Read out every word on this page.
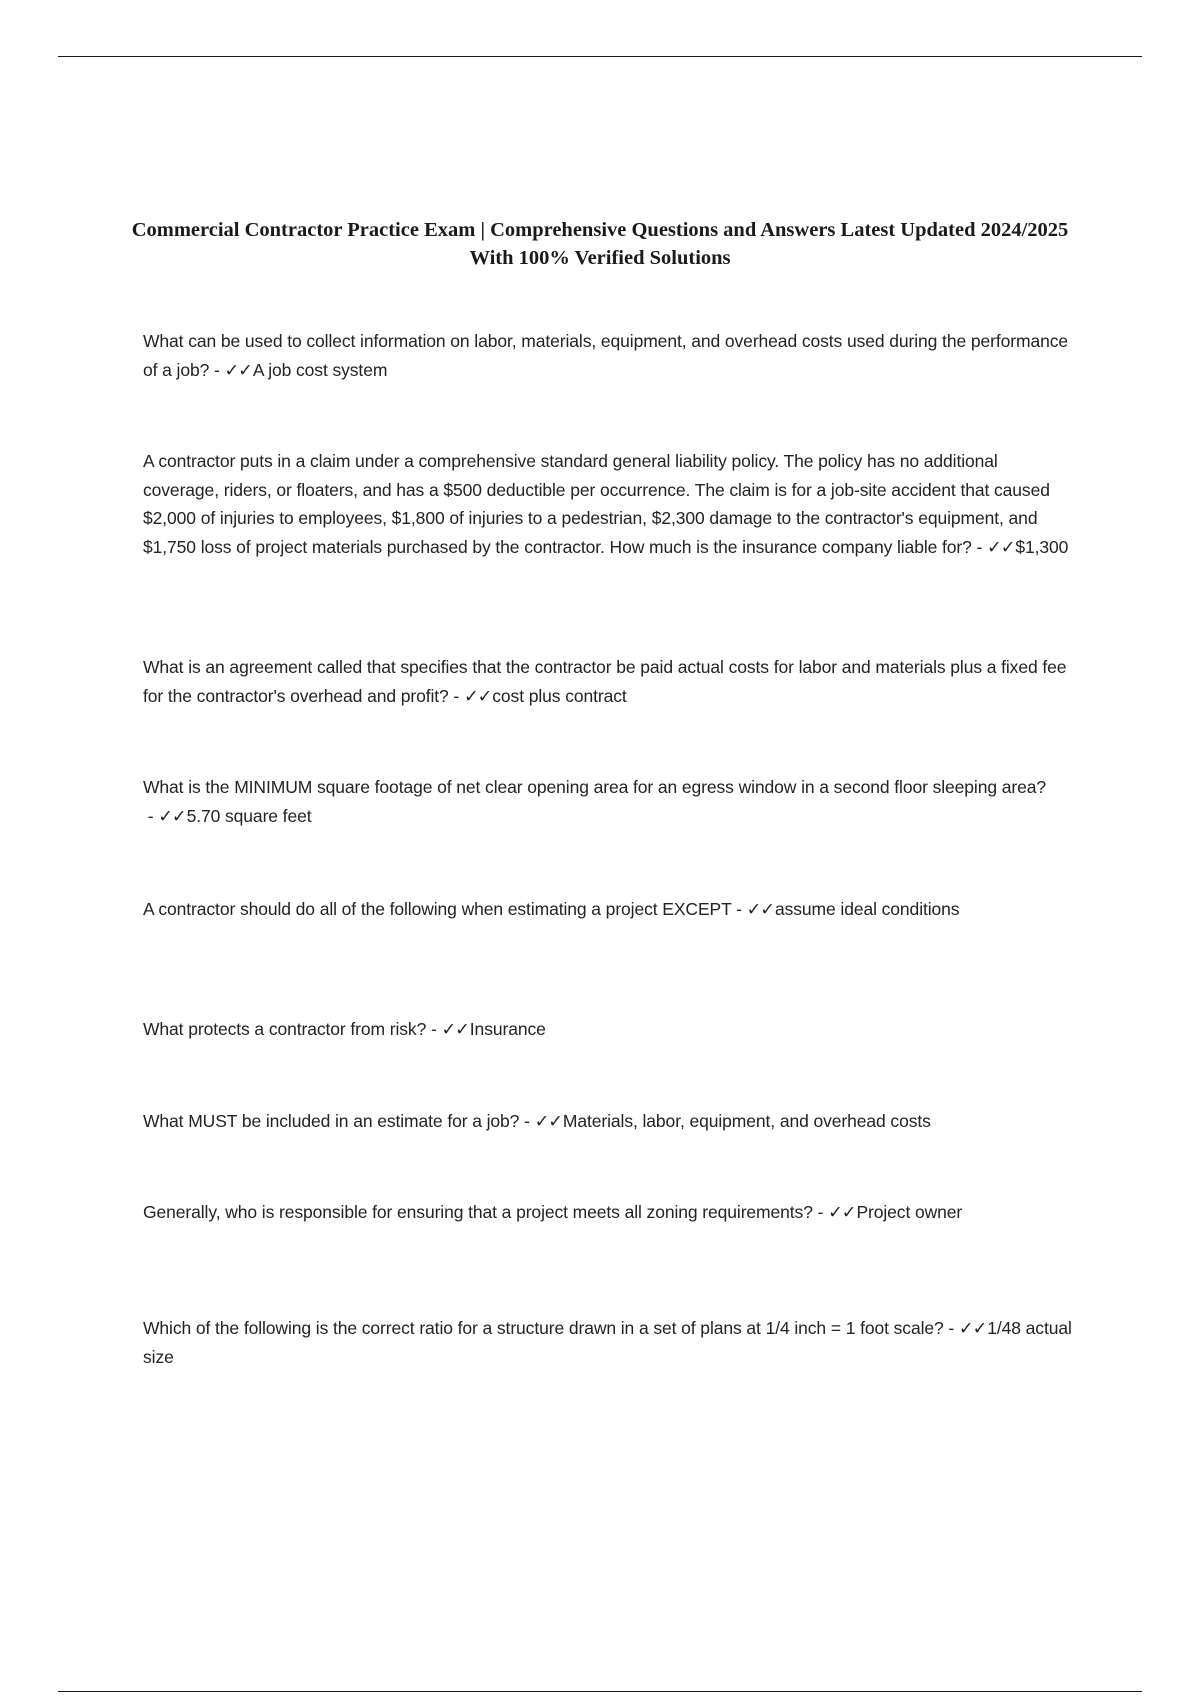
Commercial Contractor Practice Exam | Comprehensive Questions and Answers Latest Updated 2024/2025 With 100% Verified Solutions

What can be used to collect information on labor, materials, equipment, and overhead costs used during the performance of a job? - ✓✓A job cost system

A contractor puts in a claim under a comprehensive standard general liability policy. The policy has no additional coverage, riders, or floaters, and has a $500 deductible per occurrence. The claim is for a job-site accident that caused $2,000 of injuries to employees, $1,800 of injuries to a pedestrian, $2,300 damage to the contractor's equipment, and $1,750 loss of project materials purchased by the contractor. How much is the insurance company liable for? - ✓✓$1,300

What is an agreement called that specifies that the contractor be paid actual costs for labor and materials plus a fixed fee for the contractor's overhead and profit? - ✓✓cost plus contract

What is the MINIMUM square footage of net clear opening area for an egress window in a second floor sleeping area? - ✓✓5.70 square feet

A contractor should do all of the following when estimating a project EXCEPT - ✓✓assume ideal conditions

What protects a contractor from risk? - ✓✓Insurance

What MUST be included in an estimate for a job? - ✓✓Materials, labor, equipment, and overhead costs

Generally, who is responsible for ensuring that a project meets all zoning requirements? - ✓✓Project owner

Which of the following is the correct ratio for a structure drawn in a set of plans at 1/4 inch = 1 foot scale? - ✓✓1/48 actual size
